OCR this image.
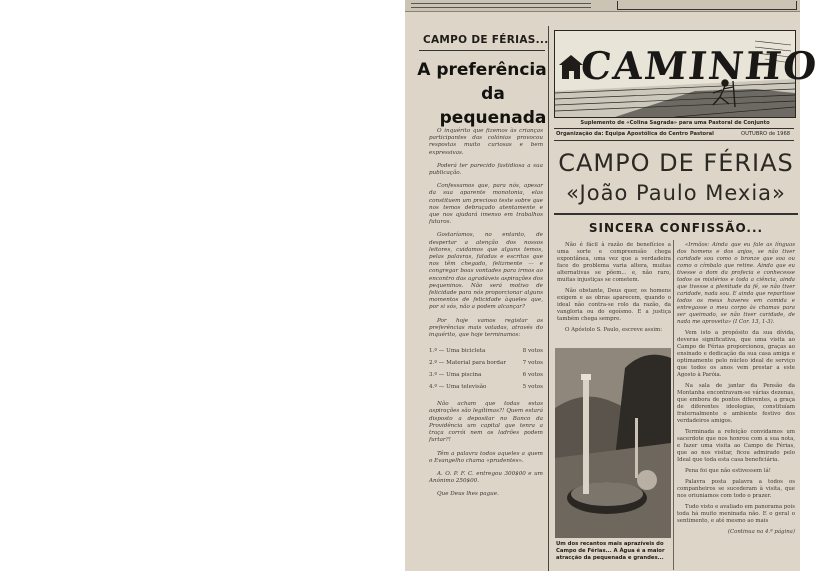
CAMPO DE FÉRIAS...
A preferência
da pequenada

O inquérito que fizemos às crianças participantes das colónias provocou respostas muito curiosas e bem expressivas.

Poderá ter parecido fastidiosa a sua publicação.

Confessamos que, para nós, apesar da sua aparente monotonia, elas constituem um precioso teste sobre que nos temos debruçado atentamente e que nos ajudará imenso em trabalhos futuros.

Gostaríamos, no entanto, de despertar a atenção dos nossos leitores, cuidamos que alguns temos, pelas palavras, faladas e escritas que nos têm chegado, felizmente — e congregar boas vontades para irmos ao encontro das agradáveis aspirações dos pequeninos. Não será motivo de felicidade para nós proporcionar alguns momentos de felicidade àqueles que, por si sós, não a podem alcançar?

Por hoje vamos registar as preferências mais votadas, através do inquérito, que hoje terminamos:

1.º — Uma bicicleta	8 votos
2.º — Material para bordar	7 votos
3.º — Uma piscina	6 votos
4.º — Uma televisão	5 votos

Não acham que todas estas aspirações são legítimas?! Quem estará disposto a depositar no Banco da Providência um capital que tenra a traça corrói nem os ladrões podem furtar?!

Têm a palavra todos aqueles a quem o Evangelho chama «prudentes».

A. O. P. F. C. entregou 300$00 e um Anónimo 250$00.

Que Deus lhes pague.

CAMINHO
Suplemento de «Colina Sagrada» para uma Pastoral de Conjunto
Organização da: Equipa Apostólica do Centro Pastoral	OUTUBRO de 1968
CAMPO DE FÉRIAS
«João Paulo Mexia»
SINCERA CONFISSÃO...

Não é fácil à razão de benefícios a uma sorte e compreensão chega expontânea, uma vez que a verdadeira face do problema varia altera, muitas alternativas se põem... e, não raro, muitas injustiças se cometem.

Não obstante, Deus quer, os homens exigem e as obras aparecem, quando o ideal não contra-se rolo da razão, da vangloria ou do egoísmo. E a justiça também chega sempre.

O Apóstolo S. Paulo, escreve assim:

Um dos recantos mais aprazíveis do Campo de Férias... A Água é a maior atracção da pequenada e grandes...

«Irmãos: Ainda que eu fale as línguas dos homens e dos anjos, se não tiver caridade sou como o bronze que soa ou como o címbalo que retine. Ainda que eu tivesse o dom da profecia e conhecesse todos os mistérios e toda a ciência, ainda que tivesse a plenitude da fé, se não tiver caridade, nada sou. E ainda que repartisse todos os meus haveres em comida e entregasse o meu corpo às chamas para ser queimado, se não tiver caridade, de nada me aproveita» (I Cor. 13, 1-3).

Vem isto a propósito da sua dívida, deveras significativa, que uma visita ao Campo de Férias proporcionou, graças ao ensinado e dedicação da sua casa amiga e optimamente pelo núcleo ideal de serviço que todos os anos vem prestar a este Agosto à Paróia.

Na sala de jantar da Pensão da Montanha encontravam-se várias dezenas, que embora de pontos diferentes, a graça de diferentes ideologias, constituíam fraternalmente o ambiente festivo dos verdadeiros amigos.

Terminada a refeição convidamos um sacerdote que nos honrou com a sua nota, e fazer uma visita ao Campo de Férias, que ao nos visitar, ficou admirado pelo Ideal que toda esta casa beneficiária.

Pena foi que não estivessem lá!

Palavra posta palavra a todos os companheiros se sucederam à visita, que nos oriuniamos com todo o prazer.

Tudo visto e avaliado em panorama pois toda há muito meninada não. E o geral o sentimento, e até mesmo ao mais

(Continua na 4.ª página)
